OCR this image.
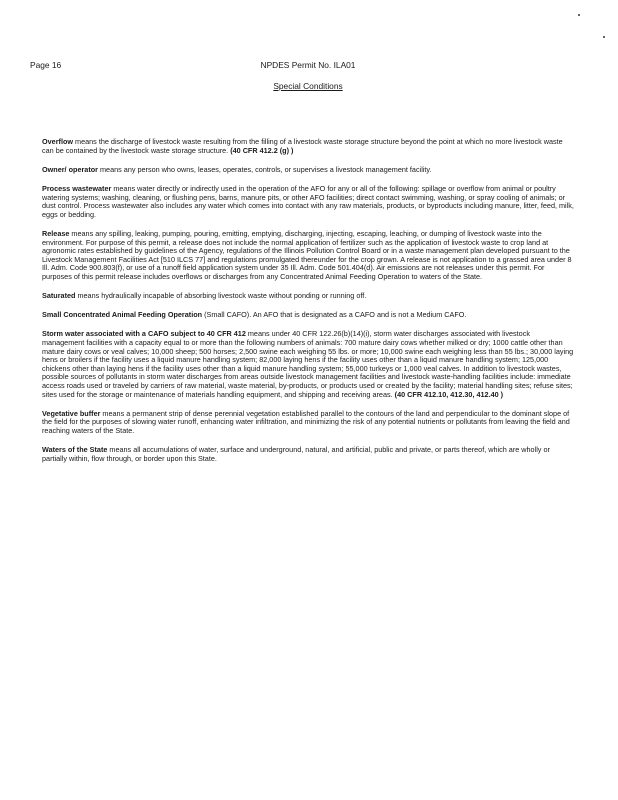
Page 16	NPDES Permit No. ILA01
Special Conditions

Overflow means the discharge of livestock waste resulting from the filling of a livestock waste storage structure beyond the point at which no more livestock waste can be contained by the livestock waste storage structure. (40 CFR 412.2 (g) )

Owner/ operator means any person who owns, leases, operates, controls, or supervises a livestock management facility.

Process wastewater means water directly or indirectly used in the operation of the AFO for any or all of the following: spillage or overflow from animal or poultry watering systems; washing, cleaning, or flushing pens, barns, manure pits, or other AFO facilities; direct contact swimming, washing, or spray cooling of animals; or dust control. Process wastewater also includes any water which comes into contact with any raw materials, products, or byproducts including manure, litter, feed, milk, eggs or bedding.

Release means any spilling, leaking, pumping, pouring, emitting, emptying, discharging, injecting, escaping, leaching, or dumping of livestock waste into the environment. For purpose of this permit, a release does not include the normal application of fertilizer such as the application of livestock waste to crop land at agronomic rates established by guidelines of the Agency, regulations of the Illinois Pollution Control Board or in a waste management plan developed pursuant to the Livestock Management Facilities Act [510 ILCS 77] and regulations promulgated thereunder for the crop grown. A release is not application to a grassed area under 8 Ill. Adm. Code 900.803(f), or use of a runoff field application system under 35 Ill. Adm. Code 501.404(d). Air emissions are not releases under this permit. For purposes of this permit release includes overflows or discharges from any Concentrated Animal Feeding Operation to waters of the State.

Saturated means hydraulically incapable of absorbing livestock waste without ponding or running off.

Small Concentrated Animal Feeding Operation (Small CAFO). An AFO that is designated as a CAFO and is not a Medium CAFO.

Storm water associated with a CAFO subject to 40 CFR 412 means under 40 CFR 122.26(b)(14)(i), storm water discharges associated with livestock management facilities with a capacity equal to or more than the following numbers of animals: 700 mature dairy cows whether milked or dry; 1000 cattle other than mature dairy cows or veal calves; 10,000 sheep; 500 horses; 2,500 swine each weighing 55 lbs. or more; 10,000 swine each weighing less than 55 lbs.; 30,000 laying hens or broilers if the facility uses a liquid manure handling system; 82,000 laying hens if the facility uses other than a liquid manure handling system; 125,000 chickens other than laying hens if the facility uses other than a liquid manure handling system; 55,000 turkeys or 1,000 veal calves. In addition to livestock wastes, possible sources of pollutants in storm water discharges from areas outside livestock management facilities and livestock waste-handling facilities include: immediate access roads used or traveled by carriers of raw material, waste material, by-products, or products used or created by the facility; material handling sites; refuse sites; sites used for the storage or maintenance of materials handling equipment, and shipping and receiving areas. (40 CFR 412.10, 412.30, 412.40 )

Vegetative buffer means a permanent strip of dense perennial vegetation established parallel to the contours of the land and perpendicular to the dominant slope of the field for the purposes of slowing water runoff, enhancing water infiltration, and minimizing the risk of any potential nutrients or pollutants from leaving the field and reaching waters of the State.

Waters of the State means all accumulations of water, surface and underground, natural, and artificial, public and private, or parts thereof, which are wholly or partially within, flow through, or border upon this State.
